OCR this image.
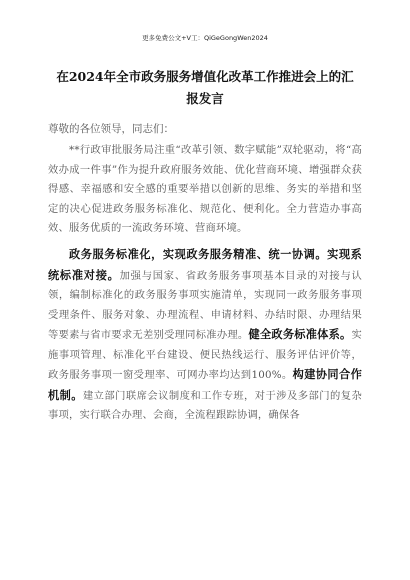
更多免费公文+V工：QiGeGongWen2024
在2024年全市政务服务增值化改革工作推进会上的汇报发言
尊敬的各位领导，同志们：
**行政审批服务局注重“改革引领、数字赋能”双轮驱动，将“高效办成一件事”作为提升政府服务效能、优化营商环境、增强群众获得感、幸福感和安全感的重要举措以创新的思维、务实的举措和坚定的决心促进政务服务标准化、规范化、便利化。全力营造办事高效、服务优质的一流政务环境、营商环境。
政务服务标准化，实现政务服务精准、统一协调。实现系统标准对接。加强与国家、省政务服务事项基本目录的对接与认领，编制标准化的政务服务事项实施清单，实现同一政务服务事项受理条件、服务对象、办理流程、申请材料、办结时限、办理结果等要素与省市要求无差别受理同标准办理。健全政务标准体系。实施事项管理、标准化平台建设、便民热线运行、服务评估评价等，政务服务事项一窗受理率、可网办率均达到100%。构建协同合作机制。建立部门联席会议制度和工作专班，对于涉及多部门的复杂事项，实行联合办理、会商，全流程跟踪协调，确保各
